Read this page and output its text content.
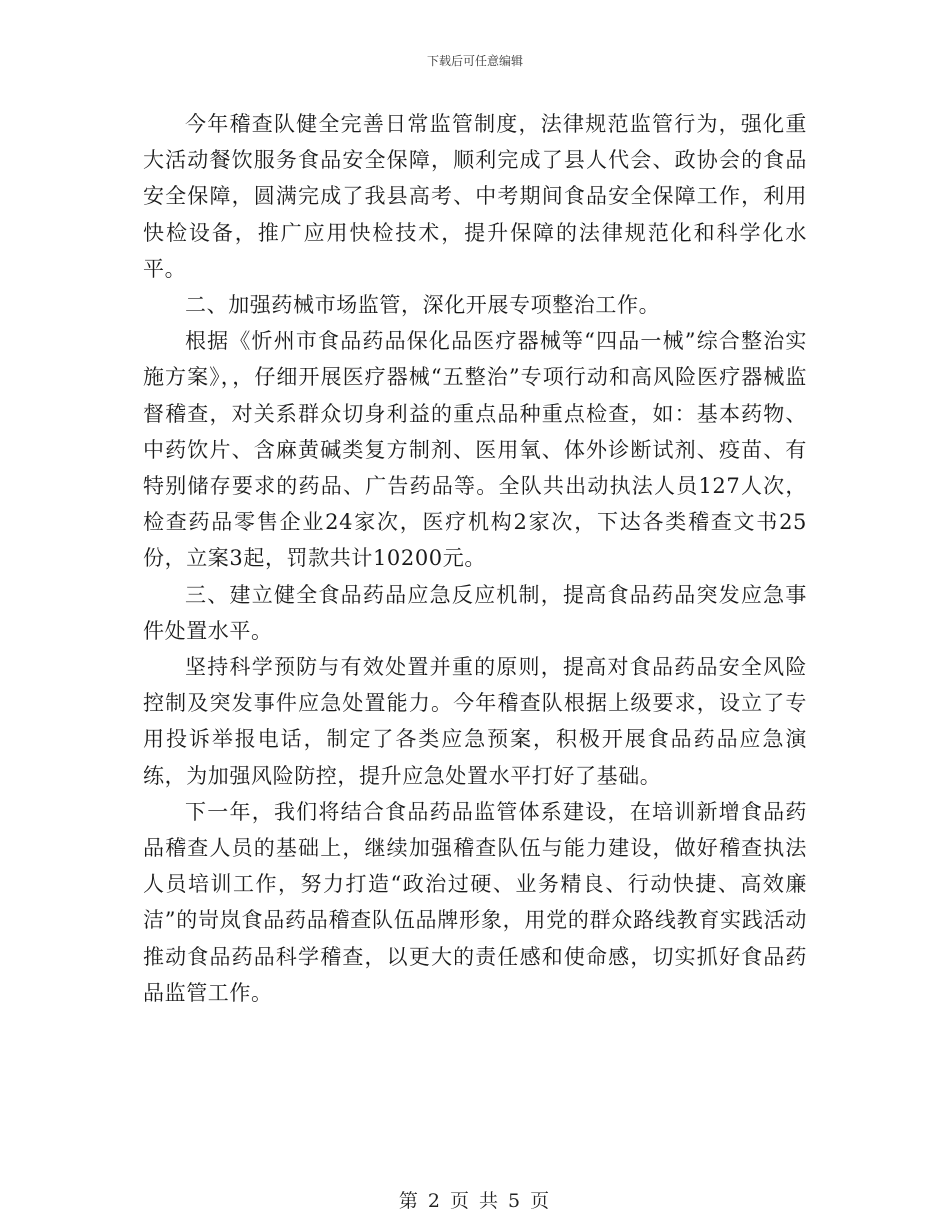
下载后可任意编辑

今年稽查队健全完善日常监管制度，法律规范监管行为，强化重大活动餐饮服务食品安全保障，顺利完成了县人代会、政协会的食品安全保障，圆满完成了我县高考、中考期间食品安全保障工作，利用快检设备，推广应用快检技术，提升保障的法律规范化和科学化水平。

二、加强药械市场监管，深化开展专项整治工作。

根据《忻州市食品药品保化品医疗器械等“四品一械”综合整治实施方案》，，仔细开展医疗器械“五整治”专项行动和高风险医疗器械监督稽查，对关系群众切身利益的重点品种重点检查，如：基本药物、中药饮片、含麻黄碱类复方制剂、医用氧、体外诊断试剂、疫苗、有特别储存要求的药品、广告药品等。全队共出动执法人员127人次，检查药品零售企业24家次，医疗机构2家次，下达各类稽查文书25份，立案3起，罚款共计10200元。

三、建立健全食品药品应急反应机制，提高食品药品突发应急事件处置水平。

坚持科学预防与有效处置并重的原则，提高对食品药品安全风险控制及突发事件应急处置能力。今年稽查队根据上级要求，设立了专用投诉举报电话，制定了各类应急预案，积极开展食品药品应急演练，为加强风险防控，提升应急处置水平打好了基础。

下一年，我们将结合食品药品监管体系建设，在培训新增食品药品稽查人员的基础上，继续加强稽查队伍与能力建设，做好稽查执法人员培训工作，努力打造“政治过硬、业务精良、行动快捷、高效廉洁”的岢岚食品药品稽查队伍品牌形象，用党的群众路线教育实践活动推动食品药品科学稽查，以更大的责任感和使命感，切实抓好食品药品监管工作。

第 2 页 共 5 页
